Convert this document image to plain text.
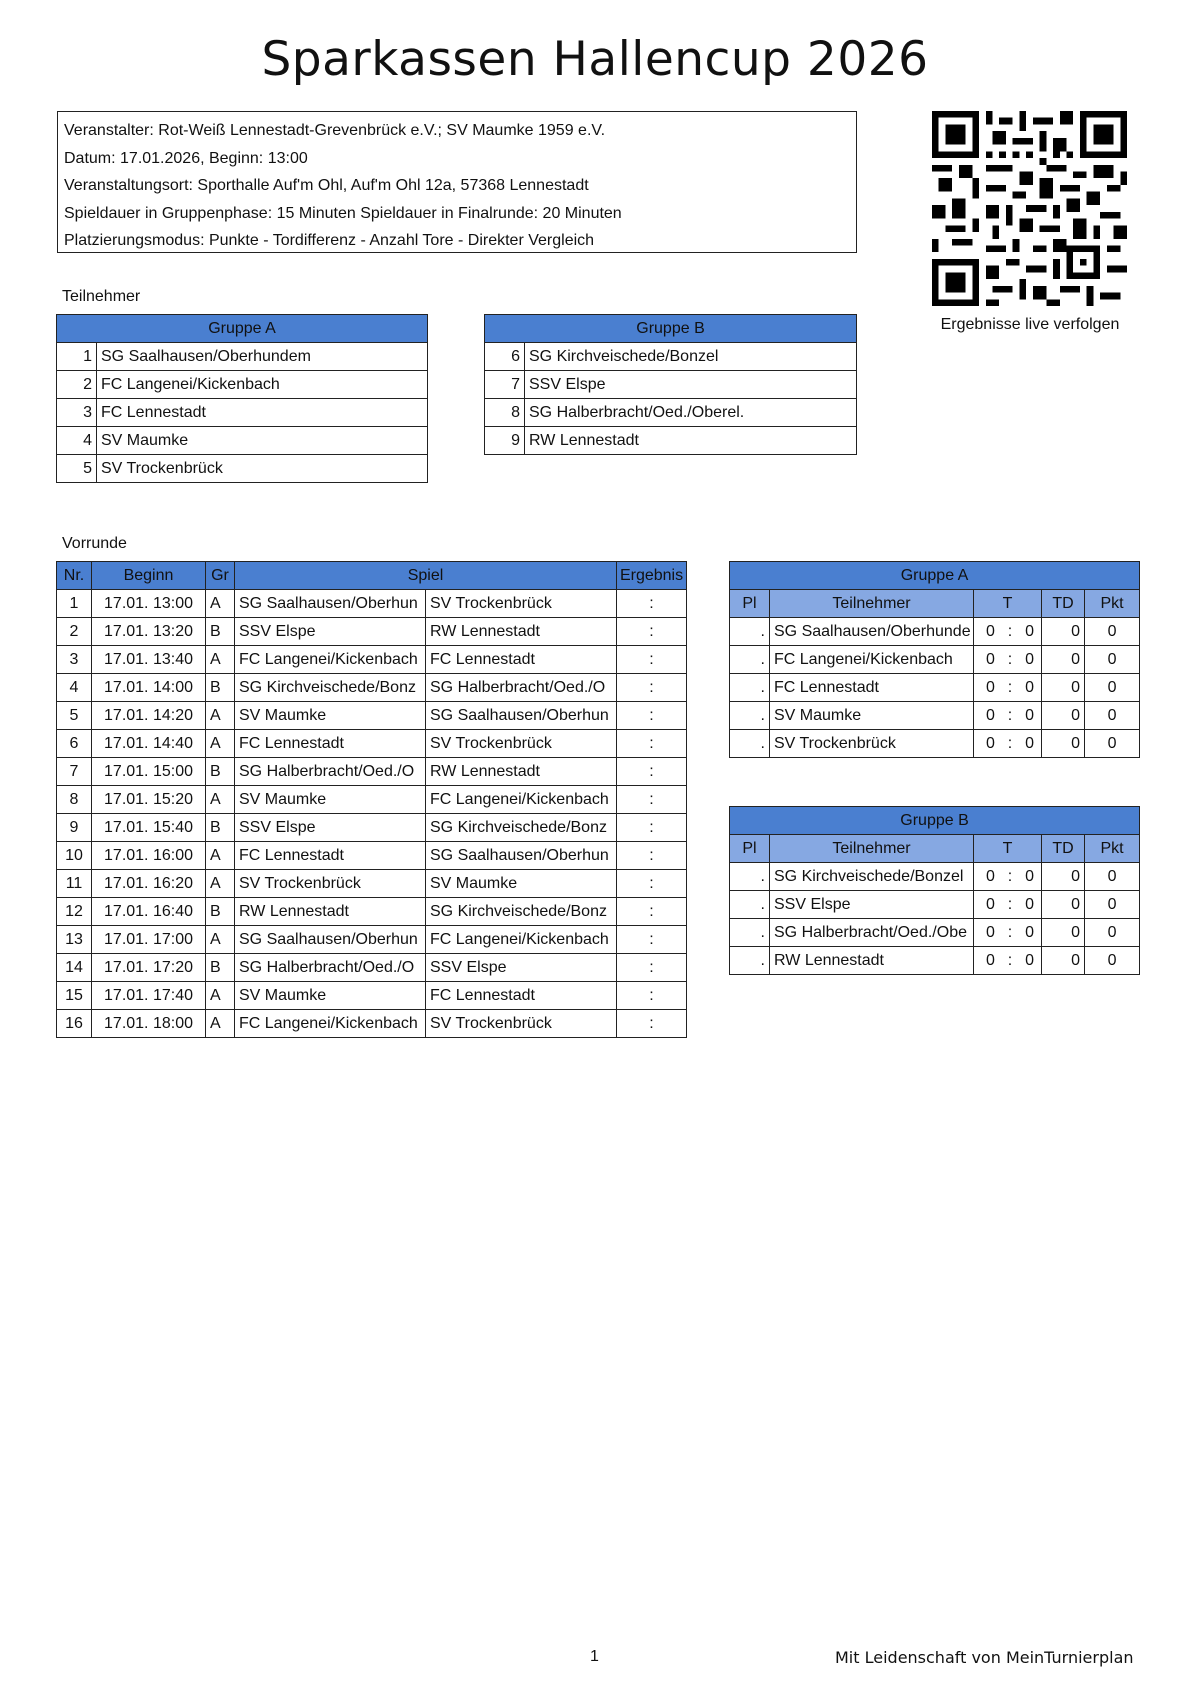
Sparkassen Hallencup 2026
Veranstalter: Rot-Weiß Lennestadt-Grevenbrück e.V.; SV Maumke 1959 e.V.
Datum: 17.01.2026, Beginn: 13:00
Veranstaltungsort: Sporthalle Auf'm Ohl, Auf'm Ohl 12a, 57368 Lennestadt
Spieldauer in Gruppenphase: 15 Minuten Spieldauer in Finalrunde: 20 Minuten
Platzierungsmodus: Punkte - Tordifferenz - Anzahl Tore - Direkter Vergleich
Ergebnisse live verfolgen
Teilnehmer
Gruppe A	
1	SG Saalhausen/Oberhundem
2	FC Langenei/Kickenbach
3	FC Lennestadt
4	SV Maumke
5	SV Trockenbrück
Gruppe B	
6	SG Kirchveischede/Bonzel
7	SSV Elspe
8	SG Halberbracht/Oed./Oberel.
9	RW Lennestadt
Vorrunde
Nr.	Beginn	Gr	Spiel		Ergebnis
1	17.01. 13:00	A	SG Saalhausen/Oberhun	SV Trockenbrück	:
2	17.01. 13:20	B	SSV Elspe	RW Lennestadt	:
3	17.01. 13:40	A	FC Langenei/Kickenbach	FC Lennestadt	:
4	17.01. 14:00	B	SG Kirchveischede/Bonz	SG Halberbracht/Oed./O	:
5	17.01. 14:20	A	SV Maumke	SG Saalhausen/Oberhun	:
6	17.01. 14:40	A	FC Lennestadt	SV Trockenbrück	:
7	17.01. 15:00	B	SG Halberbracht/Oed./O	RW Lennestadt	:
8	17.01. 15:20	A	SV Maumke	FC Langenei/Kickenbach	:
9	17.01. 15:40	B	SSV Elspe	SG Kirchveischede/Bonz	:
10	17.01. 16:00	A	FC Lennestadt	SG Saalhausen/Oberhun	:
11	17.01. 16:20	A	SV Trockenbrück	SV Maumke	:
12	17.01. 16:40	B	RW Lennestadt	SG Kirchveischede/Bonz	:
13	17.01. 17:00	A	SG Saalhausen/Oberhun	FC Langenei/Kickenbach	:
14	17.01. 17:20	B	SG Halberbracht/Oed./O	SSV Elspe	:
15	17.01. 17:40	A	SV Maumke	FC Lennestadt	:
16	17.01. 18:00	A	FC Langenei/Kickenbach	SV Trockenbrück	:
Gruppe A				
Pl	Teilnehmer	T	TD	Pkt
.	SG Saalhausen/Oberhunde	0 : 0	0	0
.	FC Langenei/Kickenbach	0 : 0	0	0
.	FC Lennestadt	0 : 0	0	0
.	SV Maumke	0 : 0	0	0
.	SV Trockenbrück	0 : 0	0	0
Gruppe B				
Pl	Teilnehmer	T	TD	Pkt
.	SG Kirchveischede/Bonzel	0 : 0	0	0
.	SSV Elspe	0 : 0	0	0
.	SG Halberbracht/Oed./Obe	0 : 0	0	0
.	RW Lennestadt	0 : 0	0	0
1	Mit Leidenschaft von MeinTurnierplan
